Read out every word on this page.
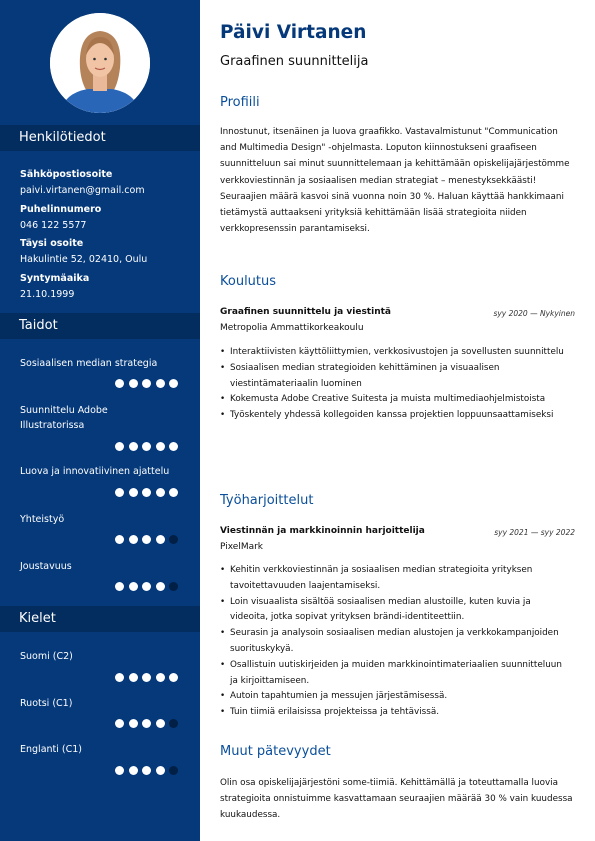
Henkilötiedot
Sähköpostiosoite
paivi.virtanen@gmail.com
Puhelinnumero
046 122 5577
Täysi osoite
Hakulintie 52, 02410, Oulu
Syntymäaika
21.10.1999
Taidot
Sosiaalisen median strategia
Suunnittelu Adobe Illustratorissa
Luova ja innovatiivinen ajattelu
Yhteistyö
Joustavuus
Kielet
Suomi (C2)
Ruotsi (C1)
Englanti (C1)
Päivi Virtanen
Graafinen suunnittelija
Profiili
Innostunut, itsenäinen ja luova graafikko. Vastavalmistunut "Communication and Multimedia Design" -ohjelmasta. Loputon kiinnostukseni graafiseen suunnitteluun sai minut suunnittelemaan ja kehittämään opiskelijajärjestömme verkkoviestinnän ja sosiaalisen median strategiat – menestyksekkäästi! Seuraajien määrä kasvoi sinä vuonna noin 30 %. Haluan käyttää hankkimaani tietämystä auttaakseni yrityksiä kehittämään lisää strategioita niiden verkkopresenssin parantamiseksi.
Koulutus
Graafinen suunnittelu ja viestintä	syy 2020 — Nykyinen
Metropolia Ammattikorkeakoulu
• Interaktiivisten käyttöliittymien, verkkosivustojen ja sovellusten suunnittelu
• Sosiaalisen median strategioiden kehittäminen ja visuaalisen viestintämateriaalin luominen
• Kokemusta Adobe Creative Suitesta ja muista multimediaohjelmistoista
• Työskentely yhdessä kollegoiden kanssa projektien loppuunsaattamiseksi
Työharjoittelut
Viestinnän ja markkinoinnin harjoittelija	syy 2021 — syy 2022
PixelMark
• Kehitin verkkoviestinnän ja sosiaalisen median strategioita yrityksen tavoitettavuuden laajentamiseksi.
• Loin visuaalista sisältöä sosiaalisen median alustoille, kuten kuvia ja videoita, jotka sopivat yrityksen brändi-identiteettiin.
• Seurasin ja analysoin sosiaalisen median alustojen ja verkkokampanjoiden suorituskykyä.
• Osallistuin uutiskirjeiden ja muiden markkinointimateriaalien suunnitteluun ja kirjoittamiseen.
• Autoin tapahtumien ja messujen järjestämisessä.
• Tuin tiimiä erilaisissa projekteissa ja tehtävissä.
Muut pätevyydet
Olin osa opiskelijajärjestöni some-tiimiä. Kehittämällä ja toteuttamalla luovia strategioita onnistuimme kasvattamaan seuraajien määrää 30 % vain kuudessa kuukaudessa.
